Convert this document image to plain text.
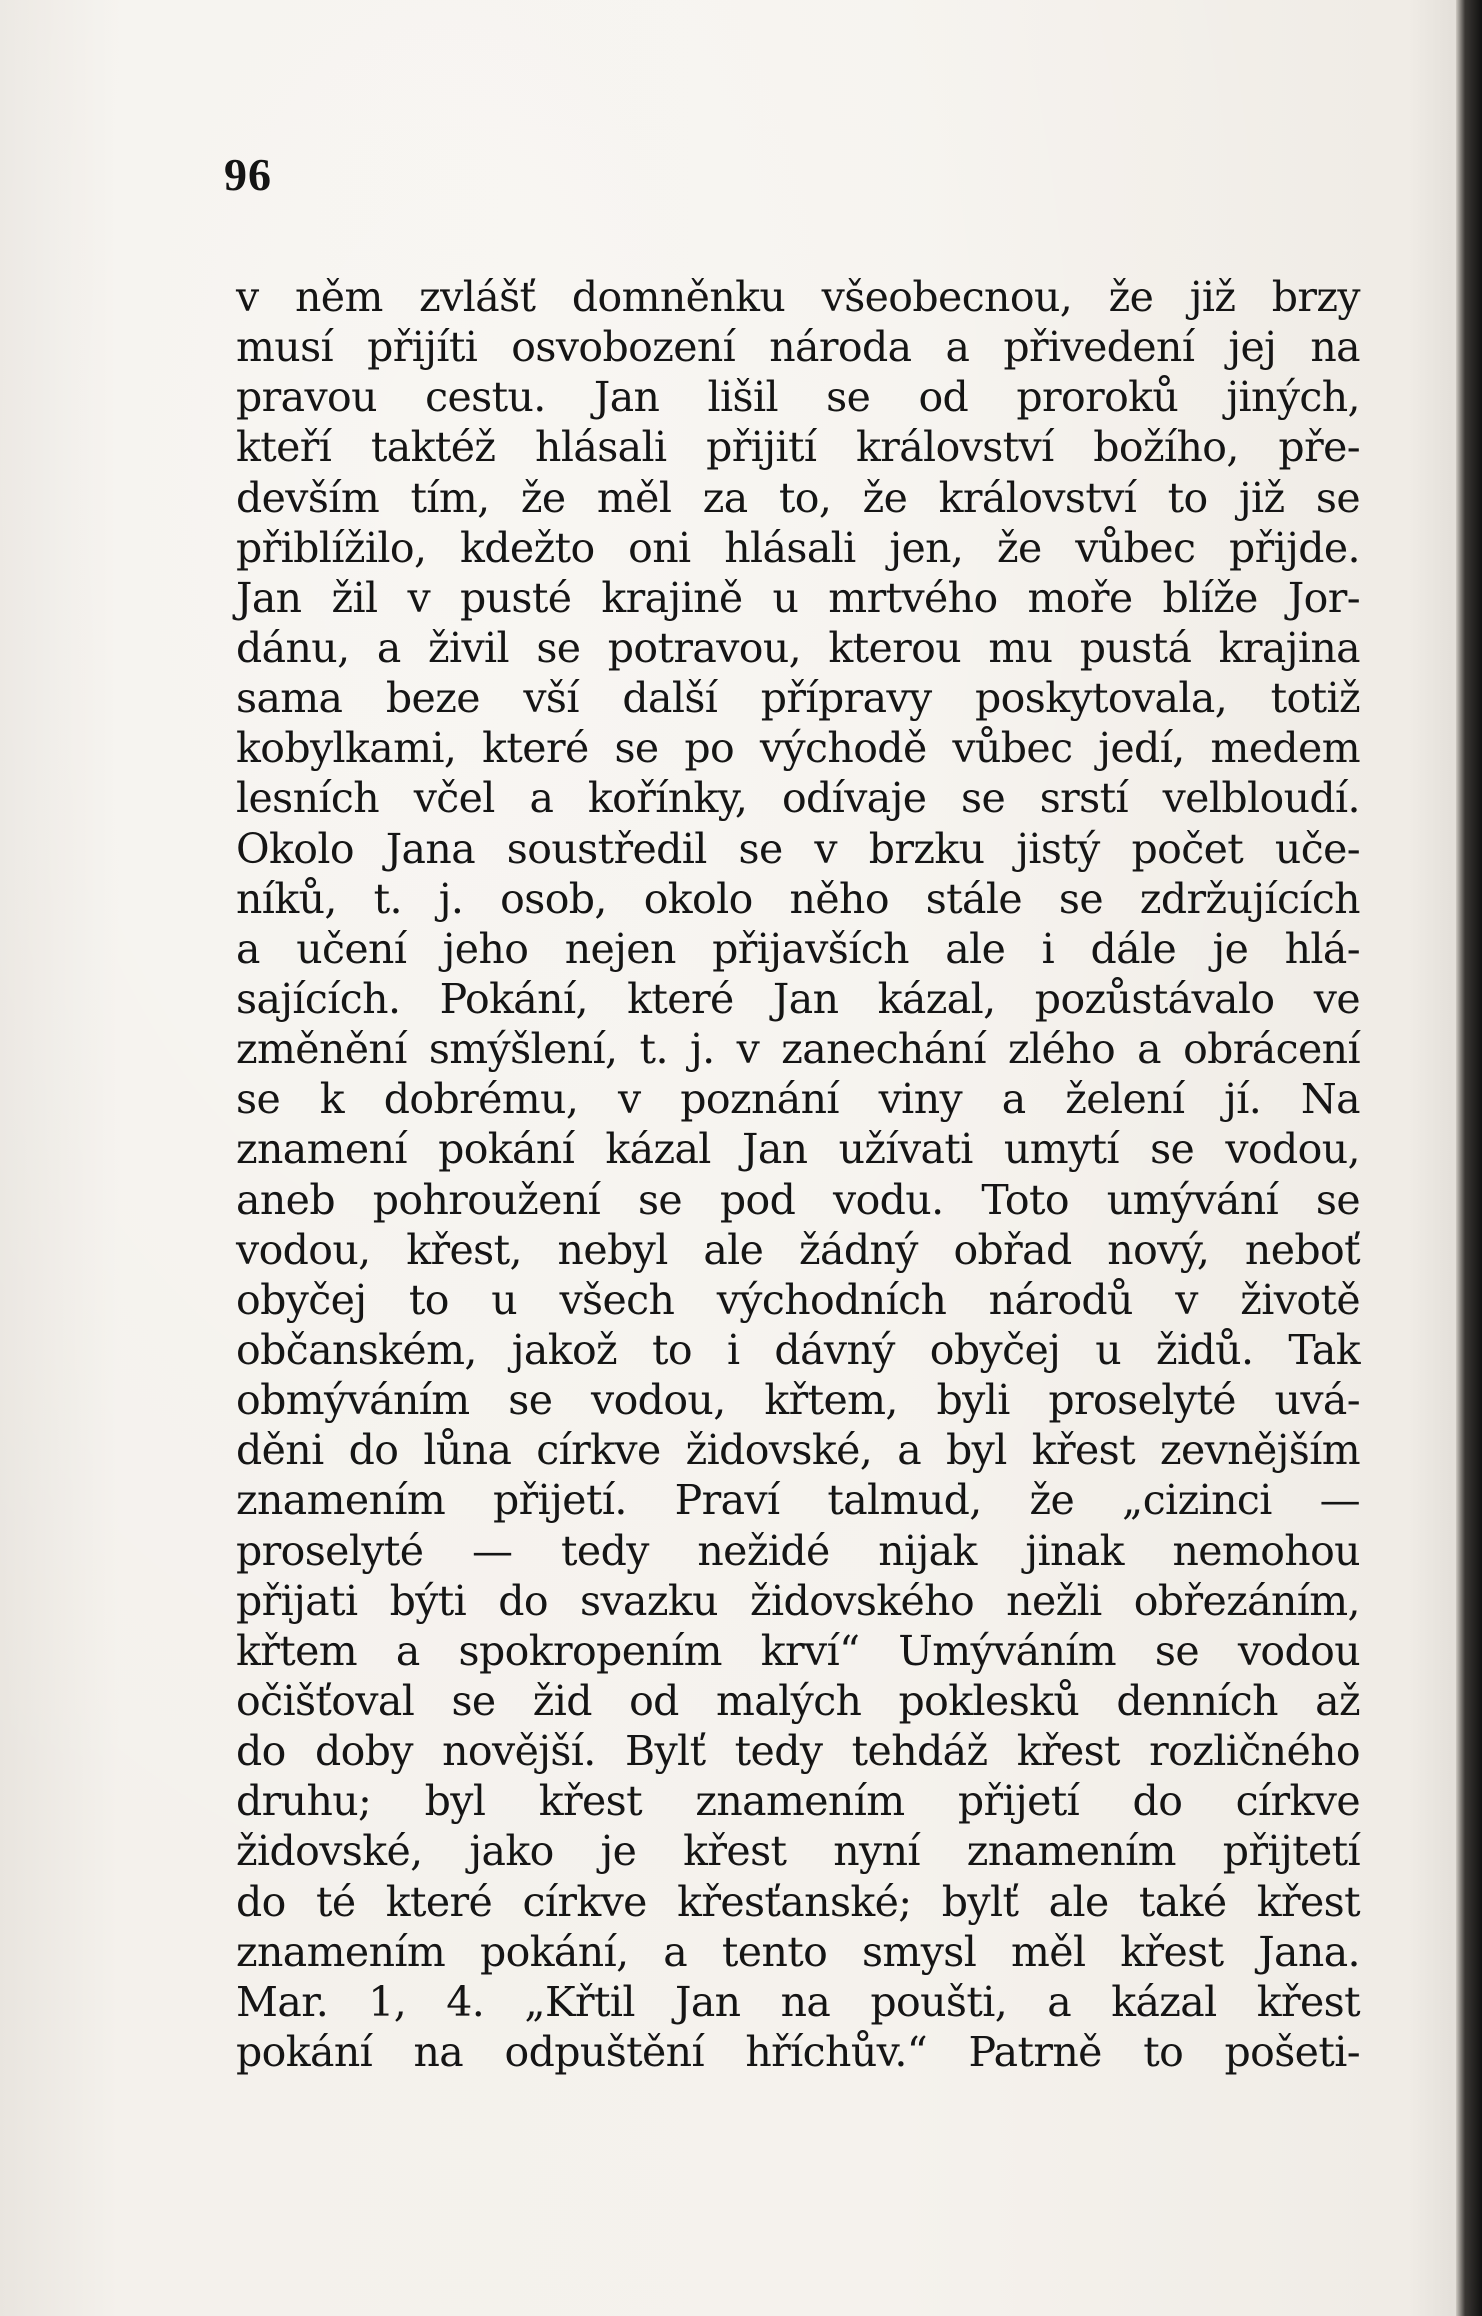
96
v něm zvlášť domněnku všeobecnou, že již brzy
musí přijíti osvobození národa a přivedení jej na
pravou cestu. Jan lišil se od proroků jiných,
kteří taktéž hlásali přijití království božího, pře-
devším tím, že měl za to, že království to již se
přiblížilo, kdežto oni hlásali jen, že vůbec přijde.
Jan žil v pusté krajině u mrtvého moře blíže Jor-
dánu, a živil se potravou, kterou mu pustá krajina
sama beze vší další přípravy poskytovala, totiž
kobylkami, které se po východě vůbec jedí, medem
lesních včel a kořínky, odívaje se srstí velbloudí.
Okolo Jana soustředil se v brzku jistý počet uče-
níků, t. j. osob, okolo něho stále se zdržujících
a učení jeho nejen přijavších ale i dále je hlá-
sajících. Pokání, které Jan kázal, pozůstávalo ve
změnění smýšlení, t. j. v zanechání zlého a obrácení
se k dobrému, v poznání viny a želení jí. Na
znamení pokání kázal Jan užívati umytí se vodou,
aneb pohroužení se pod vodu. Toto umývání se
vodou, křest, nebyl ale žádný obřad nový, neboť
obyčej to u všech východních národů v životě
občanském, jakož to i dávný obyčej u židů. Tak
obmýváním se vodou, křtem, byli proselyté uvá-
děni do lůna církve židovské, a byl křest zevnějším
znamením přijetí. Praví talmud, že „cizinci —
proselyté — tedy nežidé nijak jinak nemohou
přijati býti do svazku židovského nežli obřezáním,
křtem a spokropením krví“ Umýváním se vodou
očišťoval se žid od malých poklesků denních až
do doby novější. Bylť tedy tehdáž křest rozličného
druhu; byl křest znamením přijetí do církve
židovské, jako je křest nyní znamením přijtetí
do té které církve křesťanské; bylť ale také křest
znamením pokání, a tento smysl měl křest Jana.
Mar. 1, 4. „Křtil Jan na poušti, a kázal křest
pokání na odpuštění hříchův.“ Patrně to pošeti-
